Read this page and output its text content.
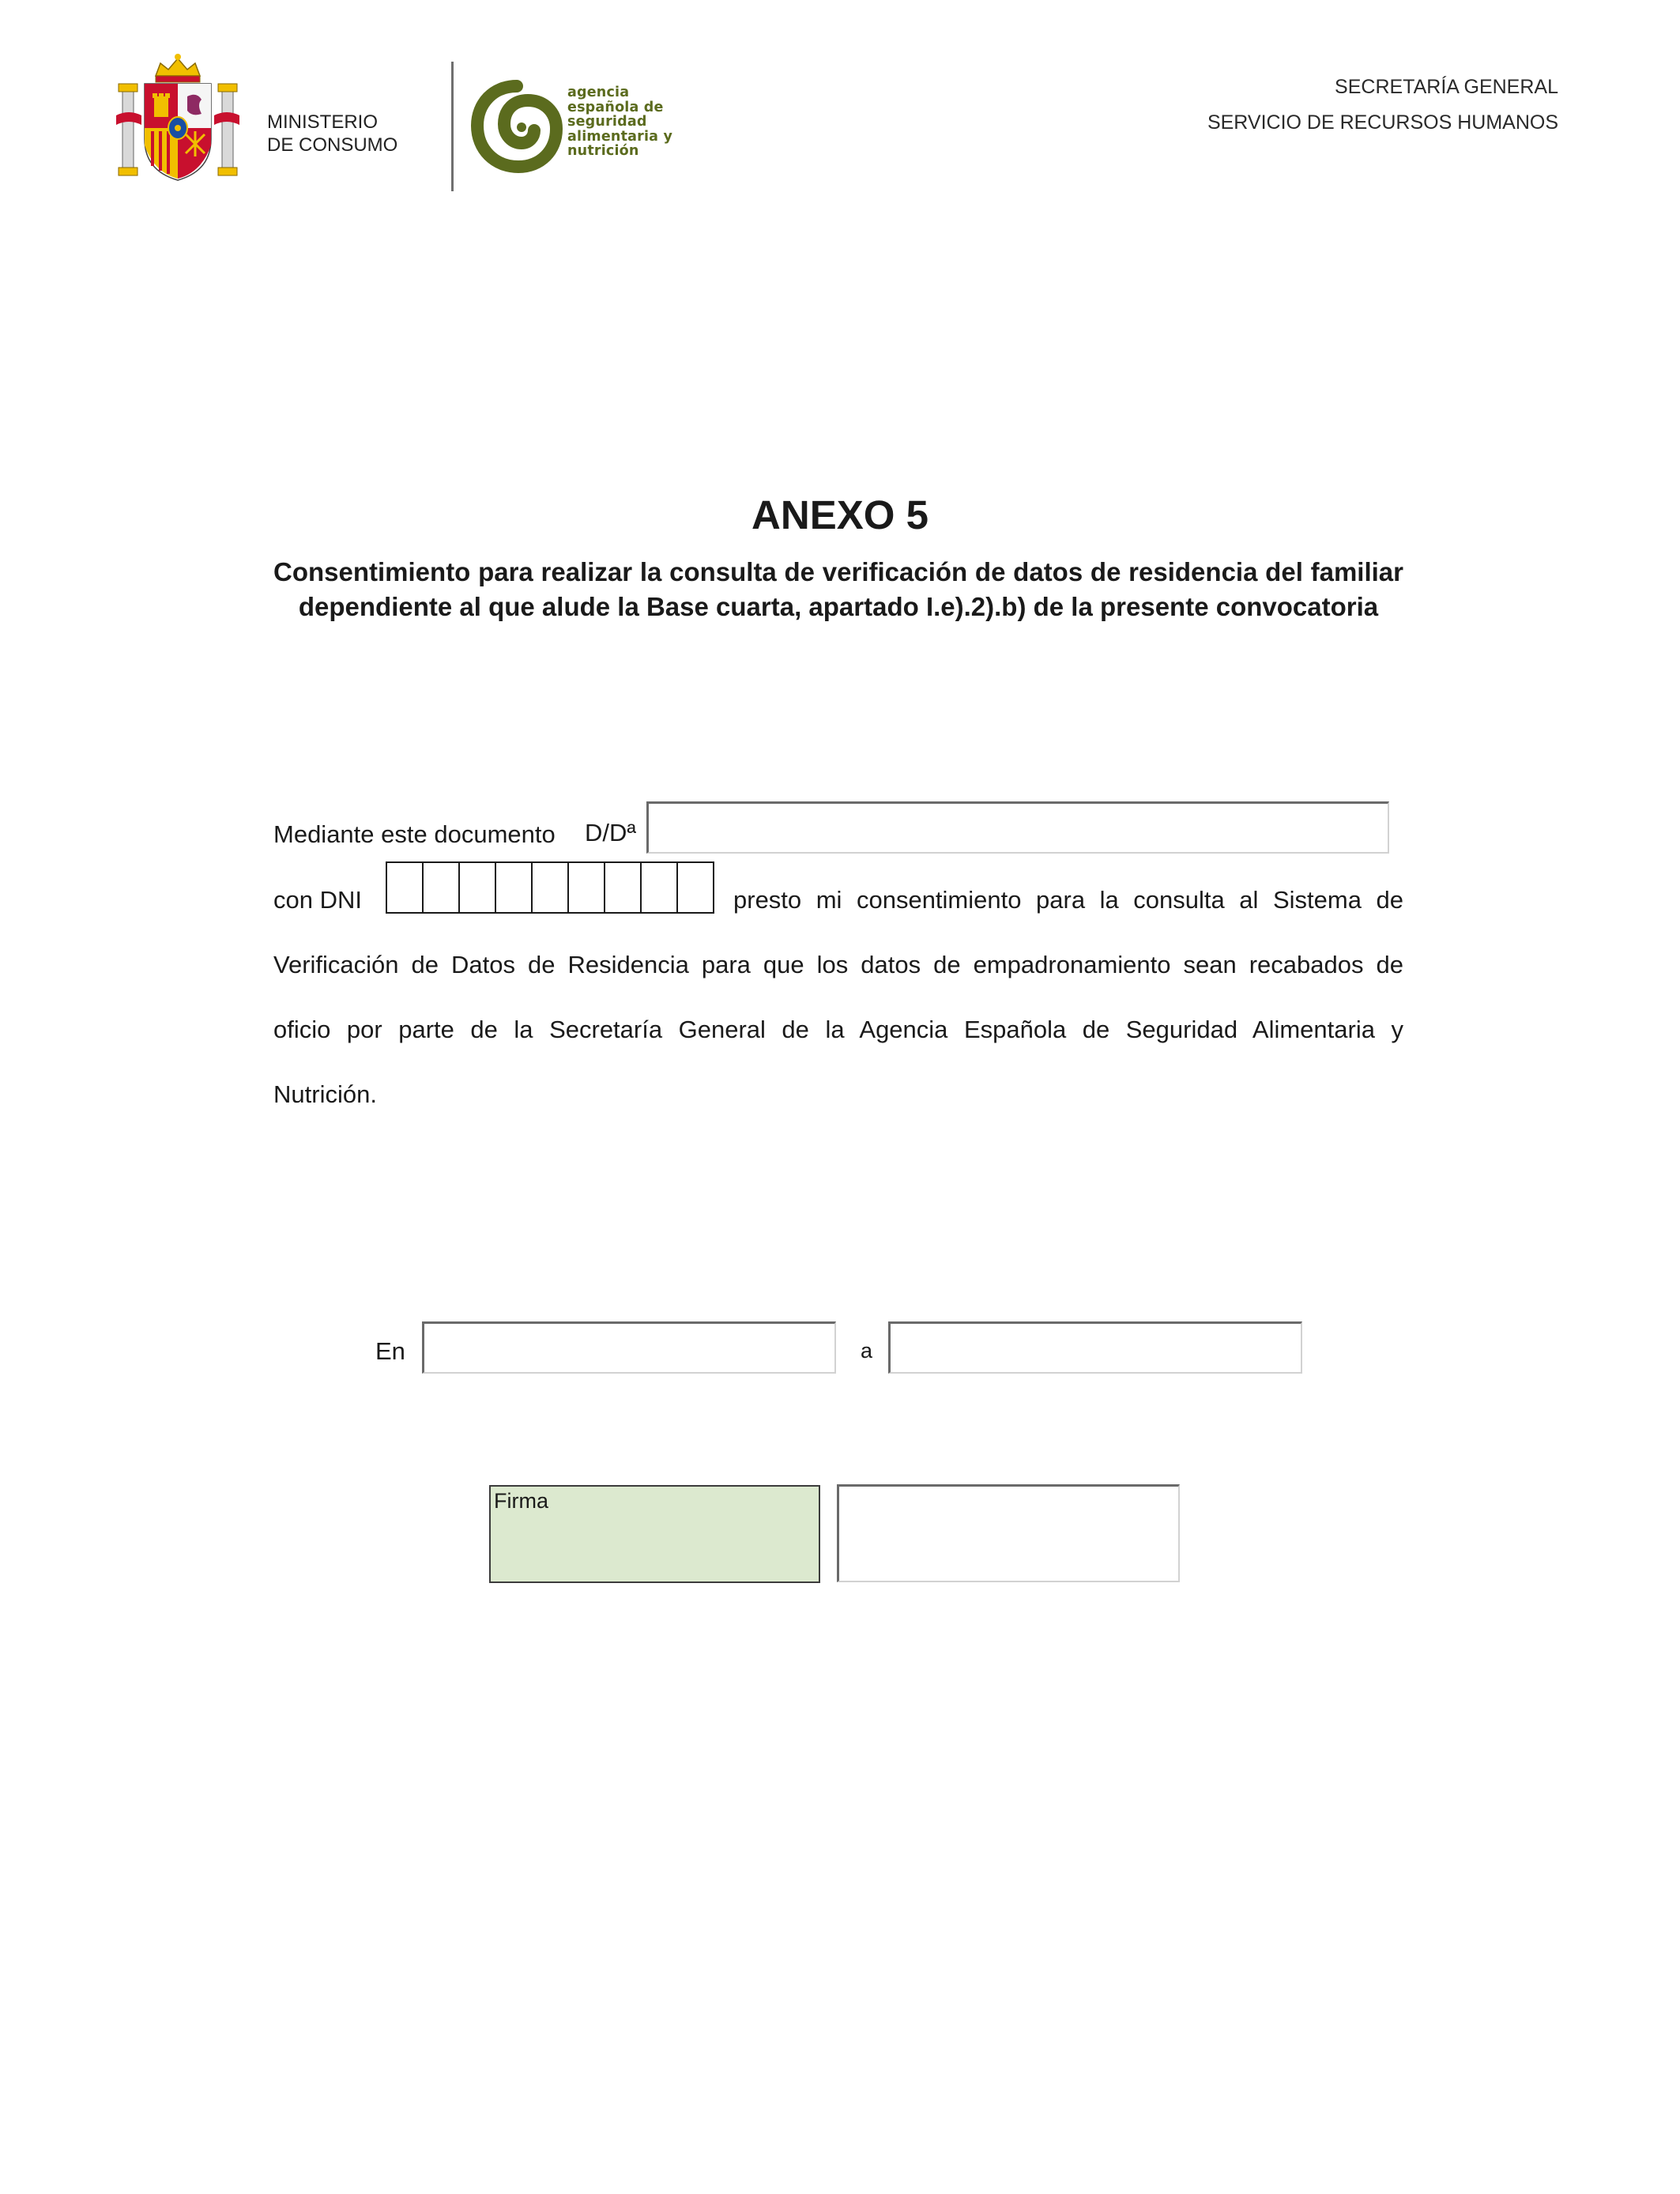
MINISTERIO
DE CONSUMO
agencia
española de
seguridad
alimentaria y
nutrición
SECRETARÍA GENERAL
SERVICIO DE RECURSOS HUMANOS
ANEXO 5
Consentimiento para realizar la consulta de verificación de datos de residencia del familiar dependiente al que alude la Base cuarta, apartado I.e).2).b) de la presente convocatoria
Mediante este documento D/Dª
con DNI	presto mi consentimiento para la consulta al Sistema de
Verificación de Datos de Residencia para que los datos de empadronamiento sean recabados de
oficio por parte de la Secretaría General de la Agencia Española de Seguridad Alimentaria y
Nutrición.
En	a
Firma
